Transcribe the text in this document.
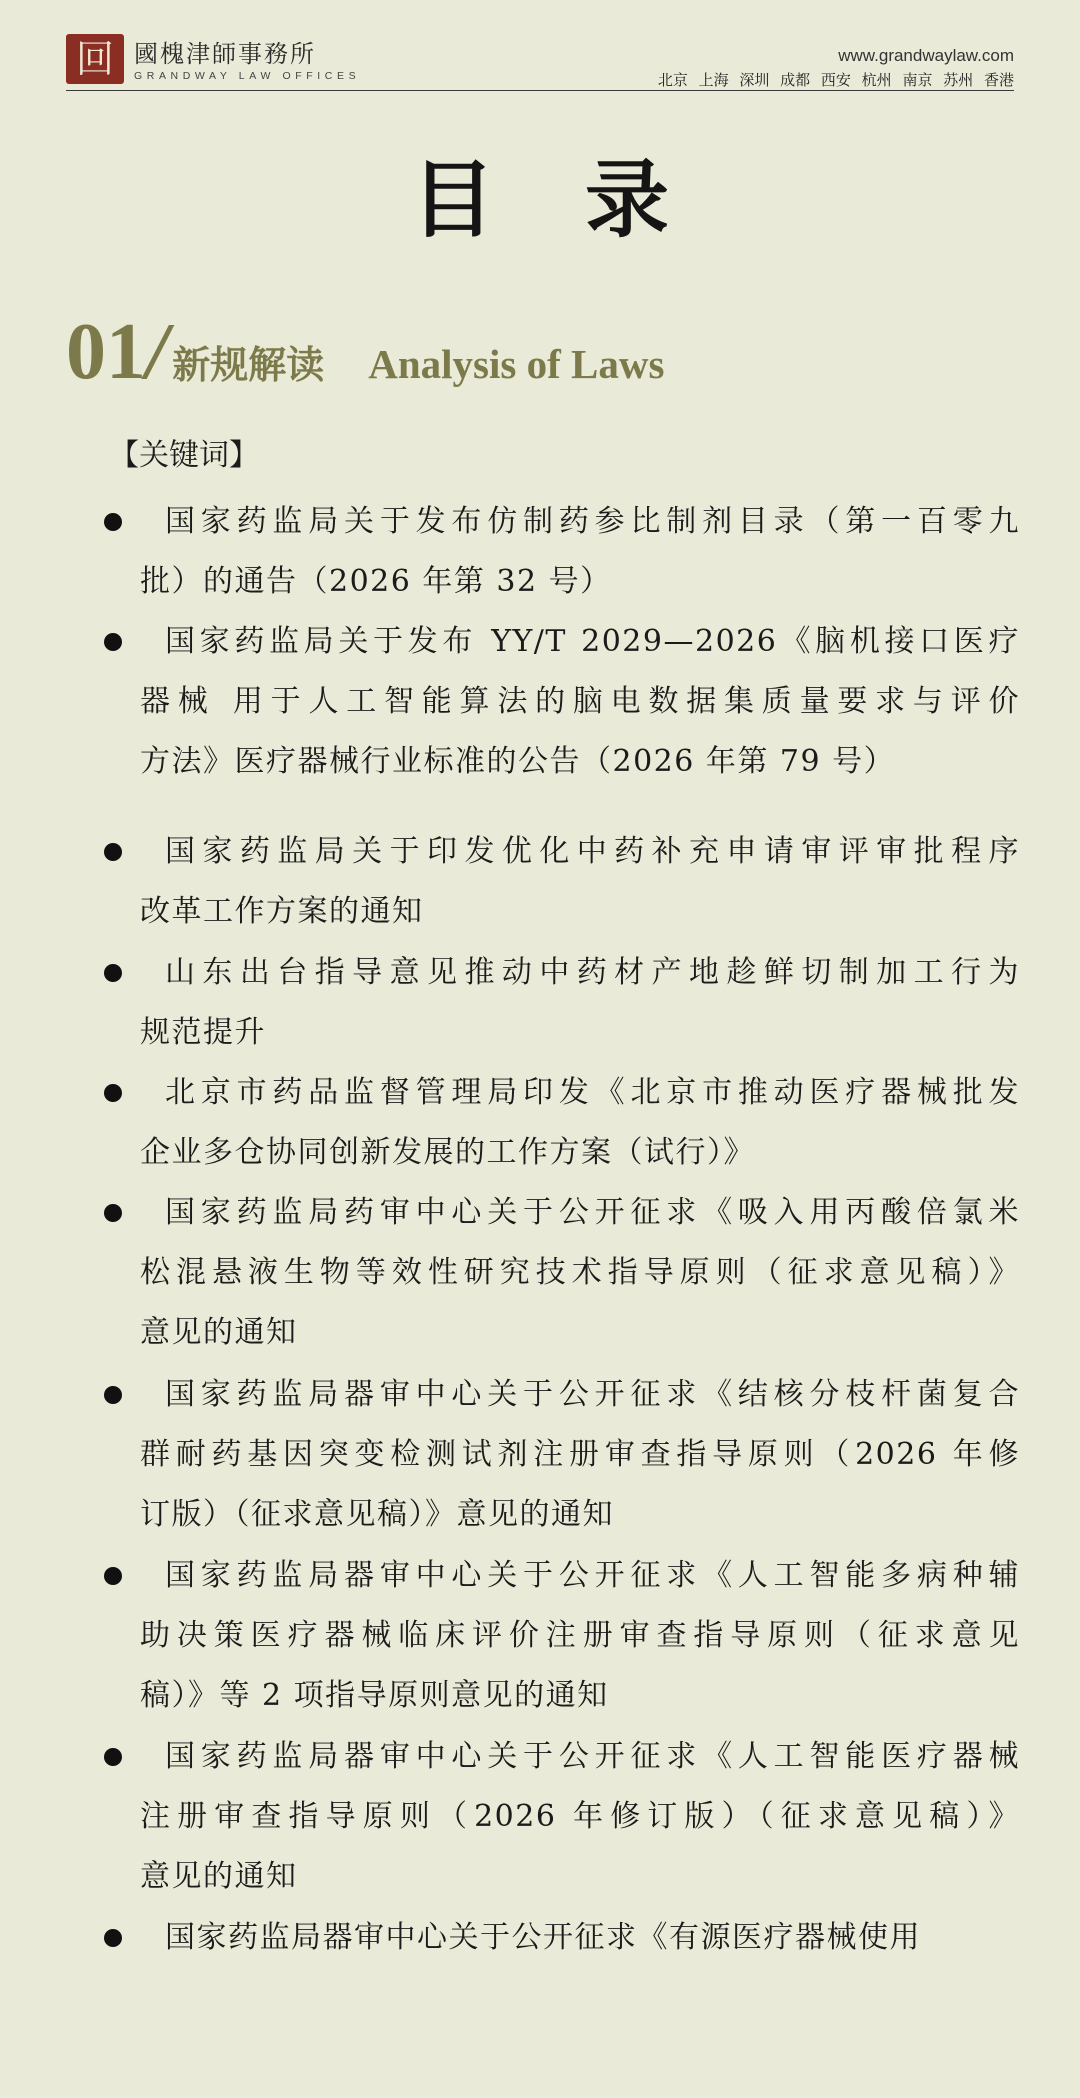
回 國槐津師事務所
GRANDWAY LAW OFFICES
www.grandwaylaw.com
北京 上海 深圳 成都 西安 杭州 南京 苏州 香港
目录
01/ 新规解读 Analysis of Laws
【关键词】

国家药监局关于发布仿制药参比制剂目录（第一百零九
批）的通告（2026 年第 32 号）

国家药监局关于发布 YY/T 2029—2026《脑机接口医疗
器械 用于人工智能算法的脑电数据集质量要求与评价
方法》医疗器械行业标准的公告（2026 年第 79 号）

国家药监局关于印发优化中药补充申请审评审批程序
改革工作方案的通知

山东出台指导意见推动中药材产地趁鲜切制加工行为
规范提升

北京市药品监督管理局印发《北京市推动医疗器械批发
企业多仓协同创新发展的工作方案（试行）》

国家药监局药审中心关于公开征求《吸入用丙酸倍氯米
松混悬液生物等效性研究技术指导原则（征求意见稿）》
意见的通知

国家药监局器审中心关于公开征求《结核分枝杆菌复合
群耐药基因突变检测试剂注册审查指导原则（2026 年修
订版）（征求意见稿）》意见的通知

国家药监局器审中心关于公开征求《人工智能多病种辅
助决策医疗器械临床评价注册审查指导原则（征求意见
稿）》等 2 项指导原则意见的通知

国家药监局器审中心关于公开征求《人工智能医疗器械
注册审查指导原则（2026 年修订版）（征求意见稿）》
意见的通知

国家药监局器审中心关于公开征求《有源医疗器械使用
